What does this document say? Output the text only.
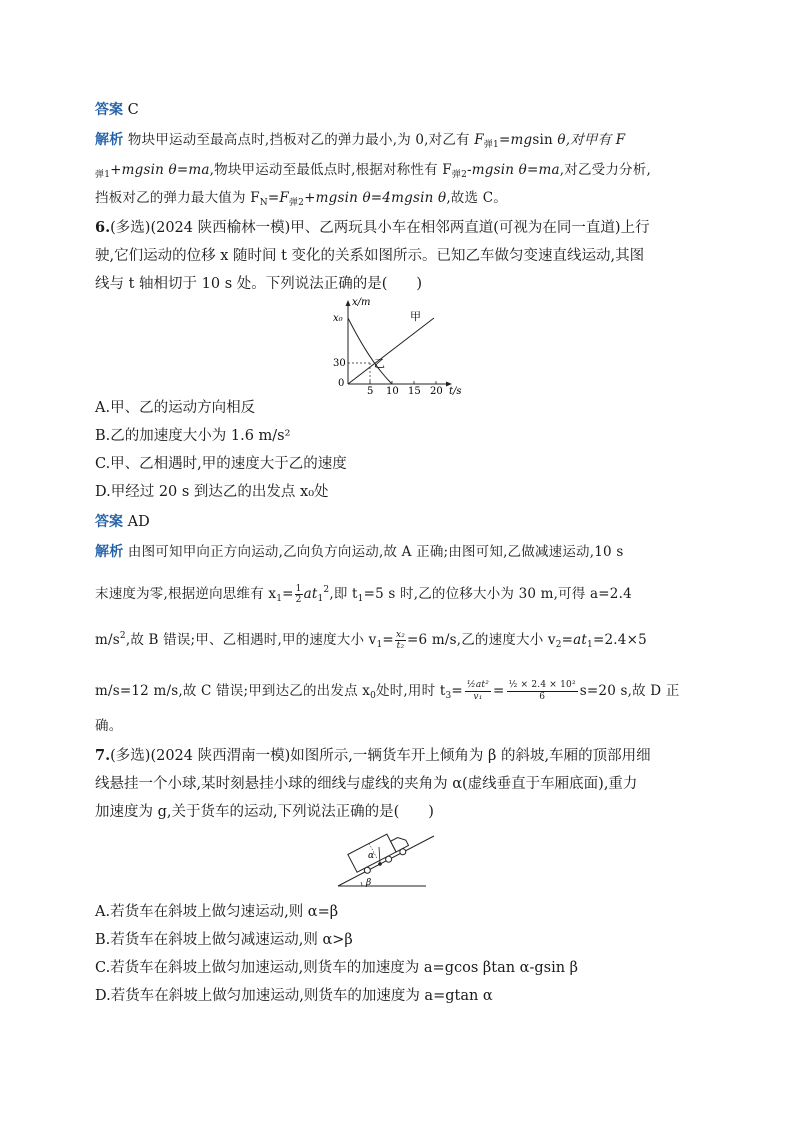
答案 C
解析 物块甲运动至最高点时,挡板对乙的弹力最小,为 0,对乙有 $F_{弹1}=mgsin$ θ,对甲有 F
$_{弹1}$+mgsin θ=ma,物块甲运动至最低点时,根据对称性有 $F_{弹2}$-mgsin θ=ma,对乙受力分析,
挡板对乙的弹力最大值为 $F_N=F_{弹2}+mgsin$ θ=4mgsin θ,故选 C。
6.(多选)(2024 陕西榆林一模)甲、乙两玩具小车在相邻两直道(可视为在同一直道)上行
驶,它们运动的位移 x 随时间 t 变化的关系如图所示。已知乙车做匀变速直线运动,其图
线与 t 轴相切于 10 s 处。下列说法正确的是(　　)
x/m
x₀
30
0
5 10 15 20 t/s
甲
乙
A.甲、乙的运动方向相反
B.乙的加速度大小为 1.6 m/s²
C.甲、乙相遇时,甲的速度大于乙的速度
D.甲经过 20 s 到达乙的出发点 x₀处
答案 AD
解析 由图可知甲向正方向运动,乙向负方向运动,故 A 正确;由图可知,乙做减速运动,10 s
末速度为零,根据逆向思维有 $x_1= \frac{1}{2} at_1^2$,即 $t_1=5$ s 时,乙的位移大小为 30 m,可得 a=2.4
$m/s^2$,故 B 错误;甲、乙相遇时,甲的速度大小 $v_1= \frac{\text{x₂}}{\text{t₂}} =6$ m/s,乙的速度大小 $v_2=at_1=2.4\times 5$
m/s=12 m/s,故 C 错误;甲到达乙的出发点 $x_0$处时,用时 $t_3= \frac{\text{½at²}}{\text{v₁}} = \frac{\text{½ × 2.4 × 10²}}{6} s=20$ s,故 D 正
确。
7.(多选)(2024 陕西渭南一模)如图所示,一辆货车开上倾角为 β 的斜坡,车厢的顶部用细
线悬挂一个小球,某时刻悬挂小球的细线与虚线的夹角为 α(虚线垂直于车厢底面),重力
加速度为 g,关于货车的运动,下列说法正确的是(　　)
α
β
A.若货车在斜坡上做匀速运动,则 α=β
B.若货车在斜坡上做匀减速运动,则 α>β
C.若货车在斜坡上做匀加速运动,则货车的加速度为 a=gcos βtan α-gsin β
D.若货车在斜坡上做匀加速运动,则货车的加速度为 a=gtan α
